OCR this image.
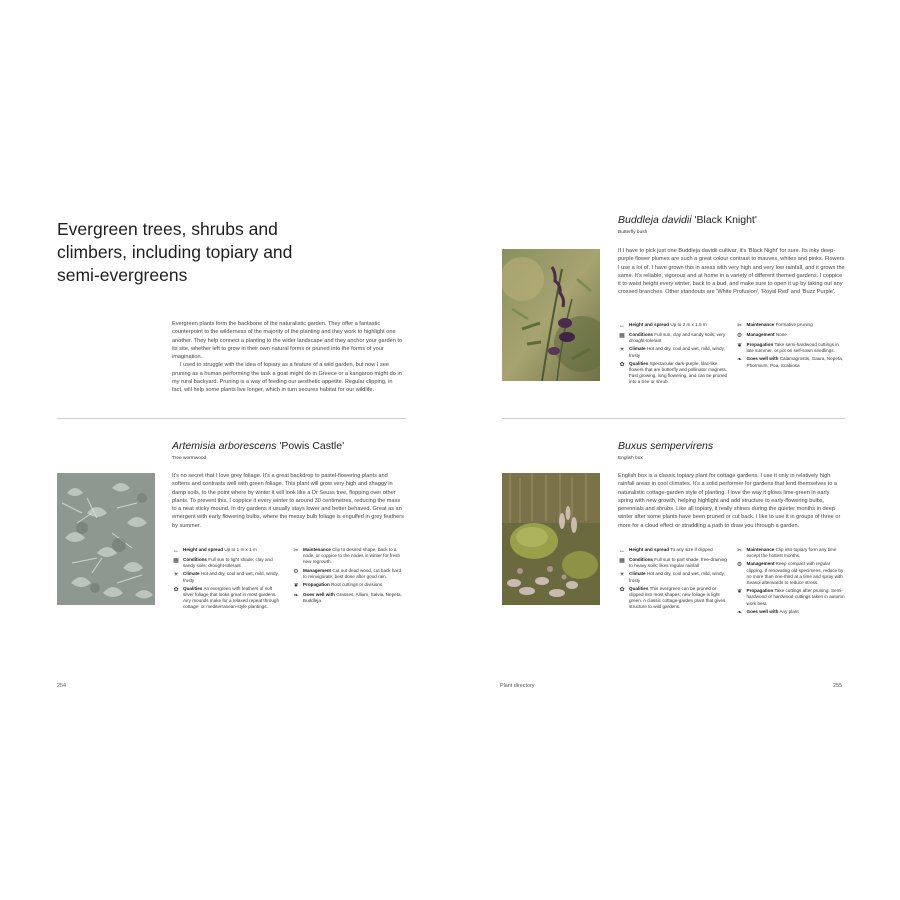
Evergreen trees, shrubs and climbers, including topiary and semi-evergreens

Evergreen plants form the backbone of the naturalistic garden. They offer a fantastic counterpoint to the wilderness of the majority of the planting and they work to highlight one another. They help connect a planting to the wider landscape and they anchor your garden to its site, whether left to grow in their own natural forms or pruned into the forms of your imagination.

I used to struggle with the idea of topiary as a feature of a wild garden, but now I see pruning as a human performing the task a goat might do in Greece or a kangaroo might do in my rural backyard. Pruning is a way of feeding our aesthetic appetite. Regular clipping, in fact, will help some plants live longer, which in turn secures habitat for our wildlife.

Buddleja davidii 'Black Knight'
Butterfly bush
If I have to pick just one Buddleja davidii cultivar, it's 'Black Night' for sure. Its inky deep-purple flower plumes are such a great colour contrast to mauves, whites and pinks. Flowers I use a lot of. I have grown this in areas with very high and very low rainfall, and it grows the same. It's reliable, vigorous and at home in a variety of different themed gardens. I coppice it to waist height every winter, back to a bud, and make sure to open it up by taking out any crossed branches. Other standouts are 'White Profusion', 'Royal Red' and 'Buzz Purple'.
↔ Height and spread Up to 2 m x 1.5 m
▦ Conditions Full sun, clay and sandy soils; very drought-tolerant
☀ Climate Hot and dry, cool and wet, mild, windy, frosty
✿ Qualities Spectacular dark-purple, lilac-like flowers that are butterfly and pollinator magnets. Fast growing, long flowering, and can be pruned into a tree or shrub.
✂ Maintenance Formative pruning
⚙ Management None
❦ Propagation Take semi-hardwood cuttings in late summer, or pot on self-sown seedlings.
❧ Goes well with Calamagrostis, Gaura, Nepeta, Phormium, Poa, Scabiosa
Artemisia arborescens 'Powis Castle'
Tree wormwood
It's no secret that I love grey foliage. It's a great backdrop to pastel-flowering plants and softens and contrasts well with green foliage. This plant will grow very high and shaggy in damp soils, to the point where by winter it will look like a Dr Seuss tree, flopping over other plants. To prevent this, I coppice it every winter to around 30 centimetres, reducing the mass to a neat sticky mound. In dry gardens it usually stays lower and better behaved. Great as an emergent with early flowering bulbs, where the messy bulb foliage is engulfed in grey feathers by summer.
↔ Height and spread Up to 1 m x 1 m
▦ Conditions Full sun to light shade; clay and sandy soils; drought-tolerant
☀ Climate Hot and dry, cool and wet, mild, windy, frosty
✿ Qualities An evergreen with feathers of soft silver foliage that looks great in most gardens. Airy mounds make for a relaxed repeat through cottage- or mediterranean-style plantings.
✂ Maintenance Clip to desired shape, back to a node, or coppice to the nodes in winter for fresh new regrowth.
⚙ Management Cut out dead wood, cut back hard to reinvigorate; best done after good rain.
❦ Propagation Root cuttings or divisions
❧ Goes well with Grasses, Allium, Salvia, Nepeta, Buddleja
Buxus sempervirens
English box
English box is a classic topiary plant for cottage gardens. I use it only in relatively high rainfall areas in cool climates. It's a solid performer for gardens that lend themselves to a naturalistic cottage-garden style of planting. I love the way it glows lime-green in early spring with new growth, helping highlight and add structure to early-flowering bulbs, perennials and shrubs. Like all topiary, it really shines during the quieter months in deep winter after some plants have been pruned or cut back. I like to use it in groups of three or more for a cloud effect or straddling a path to draw you through a garden.
↔ Height and spread To any size if clipped
▦ Conditions Full sun to part shade, free-draining to heavy soils; likes regular rainfall
☀ Climate Hot and dry, cool and wet, mild, windy, frosty
✿ Qualities This evergreen can be pruned or clipped into most shapes; new foliage is light green. A classic cottage-garden plant that gives structure to wild gardens.
✂ Maintenance Clip into topiary form any time except the hottest months.
⚙ Management Keep compact with regular clipping. If renovating old specimens, reduce by no more than one-third at a time and spray with Seasol afterwards to reduce stress.
❦ Propagation Take cuttings after pruning. Semi-hardwood or hardwood cuttings taken in autumn work best.
❧ Goes well with Any plant
254	Plant directory	255
